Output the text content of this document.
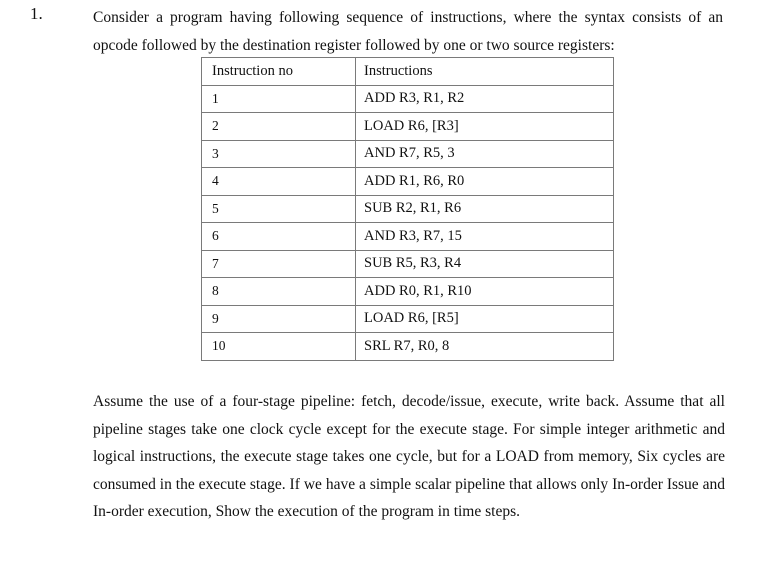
1.	Consider a program having following sequence of instructions, where the syntax consists of an
opcode followed by the destination register followed by one or two source registers:
Instruction no	Instructions
1	ADD R3, R1, R2
2	LOAD R6, [R3]
3	AND R7, R5, 3
4	ADD R1, R6, R0
5	SUB R2, R1, R6
6	AND R3, R7, 15
7	SUB R5, R3, R4
8	ADD R0, R1, R10
9	LOAD R6, [R5]
10	SRL R7, R0, 8
Assume the use of a four-stage pipeline: fetch, decode/issue, execute, write back. Assume that all pipeline stages take one clock cycle except for the execute stage. For simple integer arithmetic and logical instructions, the execute stage takes one cycle, but for a LOAD from memory, Six cycles are consumed in the execute stage. If we have a simple scalar pipeline that allows only In-order Issue and In-order execution, Show the execution of the program in time steps.
